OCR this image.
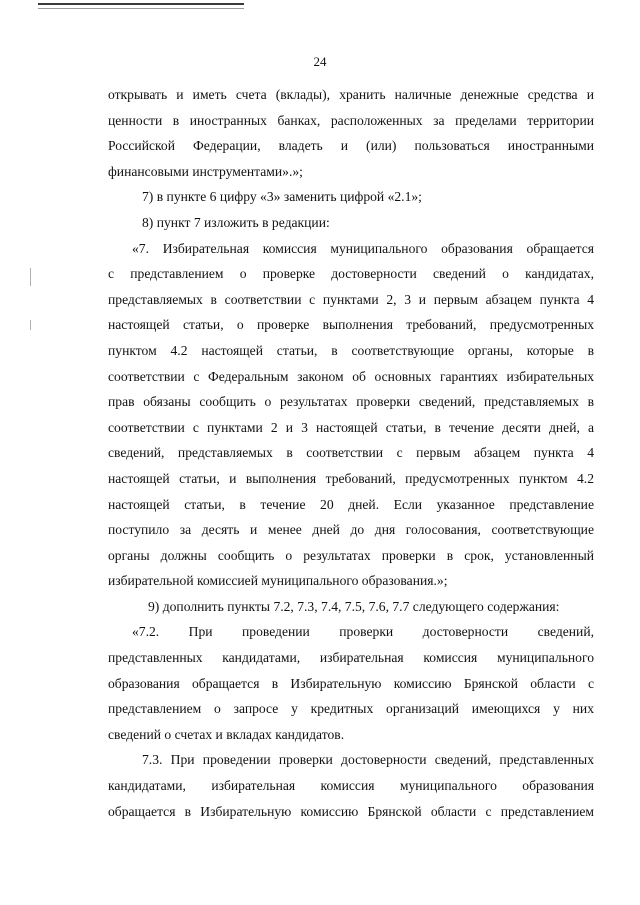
24
открывать и иметь счета (вклады), хранить наличные денежные средства и
ценности в иностранных банках, расположенных за пределами территории
Российской Федерации, владеть и (или) пользоваться иностранными
финансовыми инструментами».»;
7) в пункте 6 цифру «3» заменить цифрой «2.1»;
8) пункт 7 изложить в редакции:
«7. Избирательная комиссия муниципального образования обращается
с представлением о проверке достоверности сведений о кандидатах,
представляемых в соответствии с пунктами 2, 3 и первым абзацем пункта 4
настоящей статьи, о проверке выполнения требований, предусмотренных
пунктом 4.2 настоящей статьи, в соответствующие органы, которые в
соответствии с Федеральным законом об основных гарантиях избирательных
прав обязаны сообщить о результатах проверки сведений, представляемых в
соответствии с пунктами 2 и 3 настоящей статьи, в течение десяти дней, а
сведений, представляемых в соответствии с первым абзацем пункта 4
настоящей статьи, и выполнения требований, предусмотренных пунктом 4.2
настоящей статьи, в течение 20 дней. Если указанное представление
поступило за десять и менее дней до дня голосования, соответствующие
органы должны сообщить о результатах проверки в срок, установленный
избирательной комиссией муниципального образования.»;
9) дополнить пункты 7.2, 7.3, 7.4, 7.5, 7.6, 7.7 следующего содержания:
«7.2. При проведении проверки достоверности сведений,
представленных кандидатами, избирательная комиссия муниципального
образования обращается в Избирательную комиссию Брянской области с
представлением о запросе у кредитных организаций имеющихся у них
сведений о счетах и вкладах кандидатов.
7.3. При проведении проверки достоверности сведений, представленных
кандидатами, избирательная комиссия муниципального образования
обращается в Избирательную комиссию Брянской области с представлением
